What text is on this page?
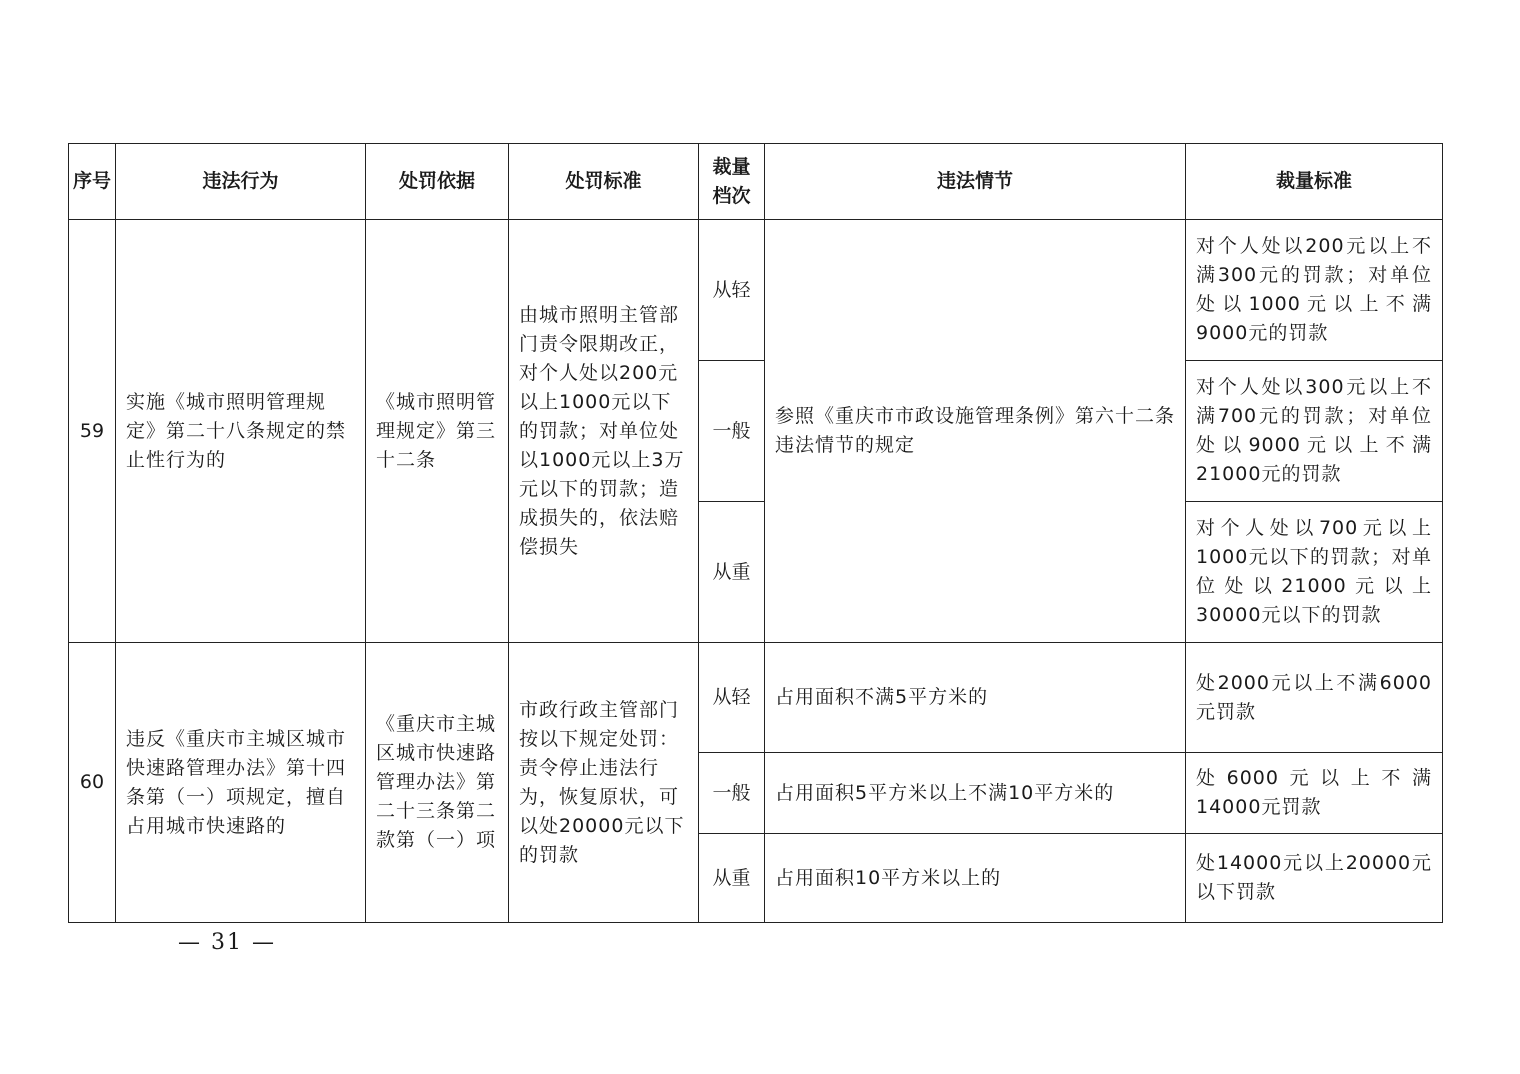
序号	违法行为	处罚依据	处罚标准	裁量档次	违法情节	裁量标准
59	实施《城市照明管理规定》第二十八条规定的禁止性行为的	《城市照明管理规定》第三十二条	由城市照明主管部门责令限期改正，对个人处以200元以上1000元以下的罚款；对单位处以1000元以上3万元以下的罚款；造成损失的，依法赔偿损失	从轻	参照《重庆市市政设施管理条例》第六十二条违法情节的规定	对个人处以200元以上不满300元的罚款；对单位处以1000元以上不满9000元的罚款
				一般		对个人处以300元以上不满700元的罚款；对单位处以9000元以上不满21000元的罚款
				从重		对个人处以700元以上1000元以下的罚款；对单位处以21000元以上30000元以下的罚款
60	违反《重庆市主城区城市快速路管理办法》第十四条第（一）项规定，擅自占用城市快速路的	《重庆市主城区城市快速路管理办法》第二十三条第二款第（一）项	市政行政主管部门按以下规定处罚：责令停止违法行为，恢复原状，可以处20000元以下的罚款	从轻	占用面积不满5平方米的	处2000元以上不满6000元罚款
				一般	占用面积5平方米以上不满10平方米的	处6000元以上不满14000元罚款
				从重	占用面积10平方米以上的	处14000元以上20000元以下罚款
— 31 —
